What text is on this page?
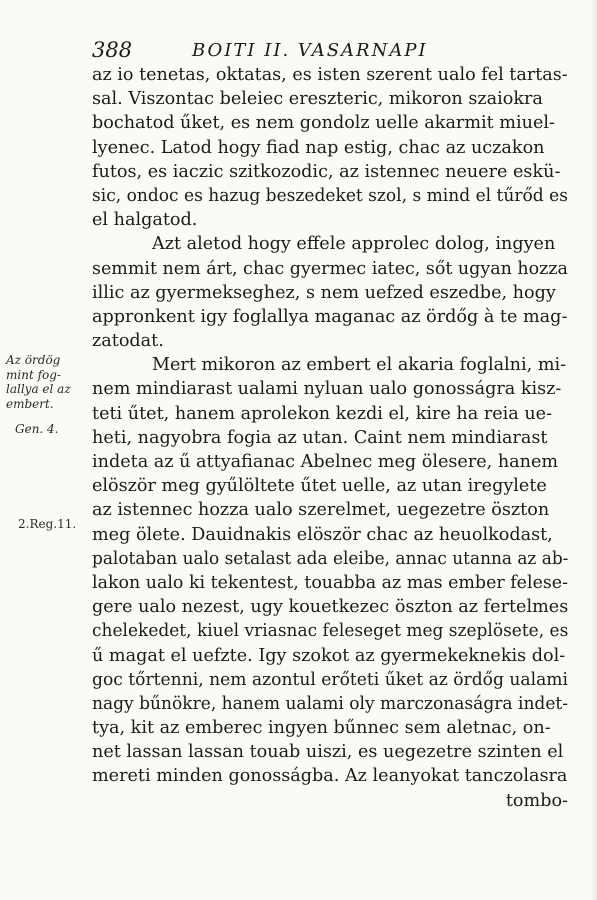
388	BOITI II. VASARNAPI
Az ördög
mint fog-
lallya el az
embert.
Gen. 4.
2.Reg.11.
az io tenetas, oktatas, es isten szerent ualo fel tartas-
sal. Viszontac beleiec ereszteric, mikoron szaiokra
bochatod űket, es nem gondolz uelle akarmit miuel-
lyenec. Latod hogy fiad nap estig, chac az uczakon
futos, es iaczic szitkozodic, az istennec neuere eskü-
sic, ondoc es hazug beszedeket szol, s mind el tűrőd es
el halgatod.
Azt aletod hogy effele approlec dolog, ingyen
semmit nem árt, chac gyermec iatec, sőt ugyan hozza
illic az gyermekseghez, s nem uefzed eszedbe, hogy
appronkent igy foglallya maganac az ördőg à te mag-
zatodat.
Mert mikoron az embert el akaria foglalni, mi-
nem mindiarast ualami nyluan ualo gonosságra kisz-
teti űtet, hanem aprolekon kezdi el, kire ha reia ue-
heti, nagyobra fogia az utan. Caint nem mindiarast
indeta az ű attyafianac Abelnec meg ölesere, hanem
elöször meg gyűlöltete űtet uelle, az utan iregylete
az istennec hozza ualo szerelmet, uegezetre öszton
meg ölete. Dauidnakis elöször chac az heuolkodast,
palotaban ualo setalast ada eleibe, annac utanna az ab-
lakon ualo ki tekentest, touabba az mas ember felese-
gere ualo nezest, ugy kouetkezec öszton az fertelmes
chelekedet, kiuel vriasnac feleseget meg szeplösete, es
ű magat el uefzte. Igy szokot az gyermekeknekis dol-
goc tőrtenni, nem azontul erőteti űket az ördőg ualami
nagy bűnökre, hanem ualami oly marczonaságra indet-
tya, kit az emberec ingyen bűnnec sem aletnac, on-
net lassan lassan touab uiszi, es uegezetre szinten el
mereti minden gonosságba. Az leanyokat tanczolasra
tombo-
